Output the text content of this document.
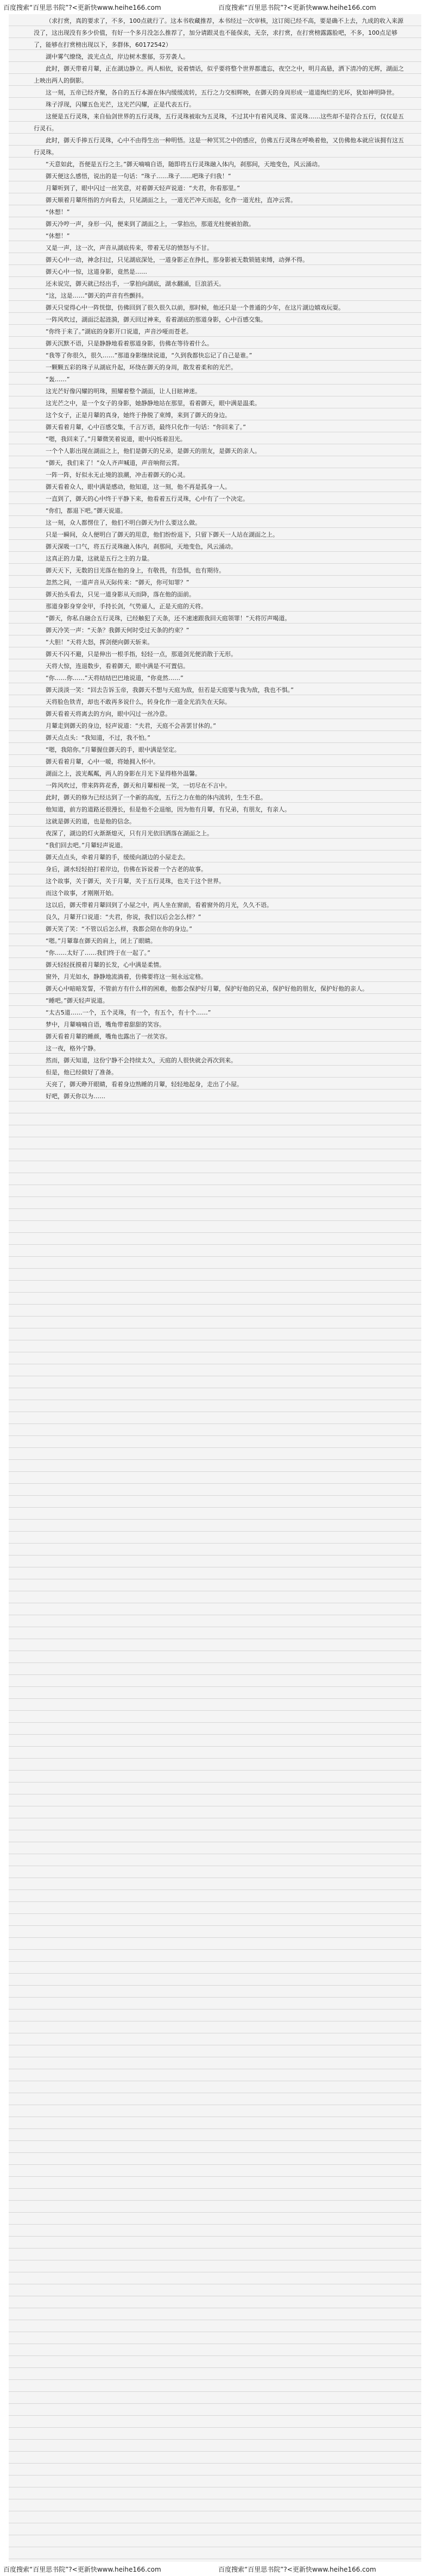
百度搜索“百里思书院”?<更新快www.heihe166.com	百度搜索“百里思书院”?<更新快www.heihe166.com

（求打赏，真的要求了，不多，100点就行了。这本书收藏推荐，本书经过一次审核，这订阅已经不高，要是确不上去，九成的收入来源没了，这出现没有多少价值，有好一个多月没怎么推荐了，加分请跟灵也不能保卖，无奈，求打赏，在打赏榜露露脸吧，不多，100点足够了，能够在打赏榜出现以下，多群体，60172542）

湖中雾气缭绕，波光点点，岸边树木葱郁，芬芳袭人。

此时，御天带着月颦，正在湖边静立。两人相依，说着情话，似乎要将整个世界都遗忘，夜空之中，明月高悬，洒下清冷的光辉，湖面之上映出两人的倒影。

这一刻，五帝已经齐聚，各自的五行本源在体内缓缓流转，五行之力交相辉映，在御天的身周形成一道道绚烂的光环，犹如神明降世。

珠子浮现，闪耀五色光芒，这光芒闪耀，正是代表五行。

这便是五行灵珠，来自仙剑世界的五行灵珠，五行灵珠被取为五灵珠，不过其中有着风灵珠、雷灵珠……这些却不是符合五行，仅仅是五行灵石。

此时，御天手捧五行灵珠，心中不由得生出一种明悟。这是一种冥冥之中的感应，仿佛五行灵珠在呼唤着他，又仿佛他本就应该拥有这五行灵珠。

“天意如此，吾便是五行之主。”御天喃喃自语，随即将五行灵珠融入体内，刹那间，天地变色，风云涌动。

御天便这么感悟，说出的是一句话：“珠子……珠子……吧珠子归我！”

月颦听到了，眼中闪过一丝笑意，对着御天轻声说道：“夫君，你看那里。”

御天顺着月颦所指的方向看去，只见湖面之上，一道光芒冲天而起，化作一道光柱，直冲云霄。

“休想！”

御天冷哼一声，身形一闪，便来到了湖面之上，一掌拍出，那道光柱便被拍散。

“休想！”

又是一声，这一次，声音从湖底传来，带着无尽的愤怒与不甘。

御天心中一动，神念扫过，只见湖底深处，一道身影正在挣扎，那身影被无数锁链束缚，动弹不得。

御天心中一惊，这道身影，竟然是……

还未说完，御天就已经出手，一掌拍向湖底，湖水翻涌，巨浪滔天。

“这，这是……”御天的声音有些颤抖。

御天只觉得心中一阵恍惚，仿佛回到了很久很久以前，那时候，他还只是一个普通的少年，在这片湖边嬉戏玩耍。

一阵风吹过，湖面泛起涟漪，御天回过神来，看着湖底的那道身影，心中百感交集。

“你终于来了。”湖底的身影开口说道，声音沙哑而苍老。

御天沉默不语，只是静静地看着那道身影，仿佛在等待着什么。

“我等了你很久，很久……”那道身影继续说道，“久到我都快忘记了自己是谁。”

一颗颗五彩的珠子从湖底升起，环绕在御天的身周，散发着柔和的光芒。

“轰……”

这光芒好像闪耀的明珠，照耀着整个湖面，让人目眩神迷。

这光芒之中，是一个女子的身影，她静静地站在那里，看着御天，眼中满是温柔。

这个女子，正是月颦的真身，她终于挣脱了束缚，来到了御天的身边。

御天看着月颦，心中百感交集，千言万语，最终只化作一句话：“你回来了。”

“嗯，我回来了。”月颦微笑着说道，眼中闪烁着泪光。

一个个人影出现在湖面之上，他们是御天的兄弟，是御天的朋友，是御天的亲人。

“御天，我们来了！”众人齐声喊道，声音响彻云霄。

一阵一阵，好似永无止境的浪潮，冲击着御天的心灵。

御天看着众人，眼中满是感动，他知道，这一刻，他不再是孤身一人。

一直到了，御天的心中终于平静下来，他看着五行灵珠，心中有了一个决定。

“你们，都退下吧。”御天说道。

这一刻，众人都愣住了，他们不明白御天为什么要这么做。

只是一瞬间，众人便明白了御天的用意，他们纷纷退下，只留下御天一人站在湖面之上。

御天深吸一口气，将五行灵珠融入体内，刹那间，天地变色，风云涌动。

这真正的力量，这就是五行之主的力量。

御天天下，无数的目光落在他的身上，有敬畏，有恐惧，也有期待。

忽然之间，一道声音从天际传来：“御天，你可知罪？”

御天抬头看去，只见一道身影从天而降，落在他的面前。

那道身影身穿金甲，手持长剑，气势逼人，正是天庭的天将。

“御天，你私自融合五行灵珠，已经触犯了天条，还不速速跟我回天庭领罪！”天将厉声喝道。

御天冷笑一声：“天条？我御天何时受过天条的约束？”

“大胆！”天将大怒，挥剑便向御天斩来。

御天不闪不避，只是伸出一根手指，轻轻一点，那道剑光便消散于无形。

天将大惊，连退数步，看着御天，眼中满是不可置信。

“你……你……”天将结结巴巴地说道，“你竟然……”

御天淡淡一笑：“回去告诉玉帝，我御天不想与天庭为敌，但若是天庭要与我为敌，我也不惧。”

天将脸色铁青，却也不敢再多说什么，转身化作一道金光消失在天际。

御天看着天将离去的方向，眼中闪过一丝冷意。

月颦走到御天的身边，轻声说道：“夫君，天庭不会善罢甘休的。”

御天点点头：“我知道，不过，我不怕。”

“嗯，我陪你。”月颦握住御天的手，眼中满是坚定。

御天看着月颦，心中一暖，将她拥入怀中。

湖面之上，波光粼粼，两人的身影在月光下显得格外温馨。

一阵风吹过，带来阵阵花香，御天和月颦相视一笑，一切尽在不言中。

此时，御天的修为已经达到了一个新的高度，五行之力在他的体内流转，生生不息。

他知道，前方的道路还很漫长，但是他不会退缩，因为他有月颦，有兄弟，有朋友，有亲人。

这就是御天的道，也是他的信念。

夜深了，湖边的灯火渐渐熄灭，只有月光依旧洒落在湖面之上。

“我们回去吧。”月颦轻声说道。

御天点点头，牵着月颦的手，缓缓向湖边的小屋走去。

身后，湖水轻轻拍打着岸边，仿佛在诉说着一个古老的故事。

这个故事，关于御天，关于月颦，关于五行灵珠，也关于这个世界。

而这个故事，才刚刚开始。

这以后，御天带着月颦回到了小屋之中，两人坐在窗前，看着窗外的月光，久久不语。

良久，月颦开口说道：“夫君，你说，我们以后会怎么样？”

御天笑了笑：“不管以后怎么样，我都会陪在你的身边。”

“嗯。”月颦靠在御天的肩上，闭上了眼睛。

“你……太好了……我们终于在一起了。”

御天轻轻抚摸着月颦的长发，心中满是柔情。

窗外，月光如水，静静地流淌着，仿佛要将这一刻永远定格。

御天心中暗暗发誓，不管前方有什么样的困难，他都会保护好月颦，保护好他的兄弟，保护好他的朋友，保护好他的亲人。

“睡吧。”御天轻声说道。

“太古5道……一个，五个灵珠，有一个，有五个，有十个……”

梦中，月颦喃喃自语，嘴角带着甜甜的笑容。

御天看着月颦的睡颜，嘴角也露出了一丝笑容。

这一夜，格外宁静。

然而，御天知道，这份宁静不会持续太久，天庭的人很快就会再次到来。

但是，他已经做好了准备。

天亮了，御天睁开眼睛，看着身边熟睡的月颦，轻轻地起身，走出了小屋。

好吧，御天你以为……

​
百度搜索“百里思书院”?<更新快www.heihe166.com	百度搜索“百里思书院”?<更新快www.heihe166.com
